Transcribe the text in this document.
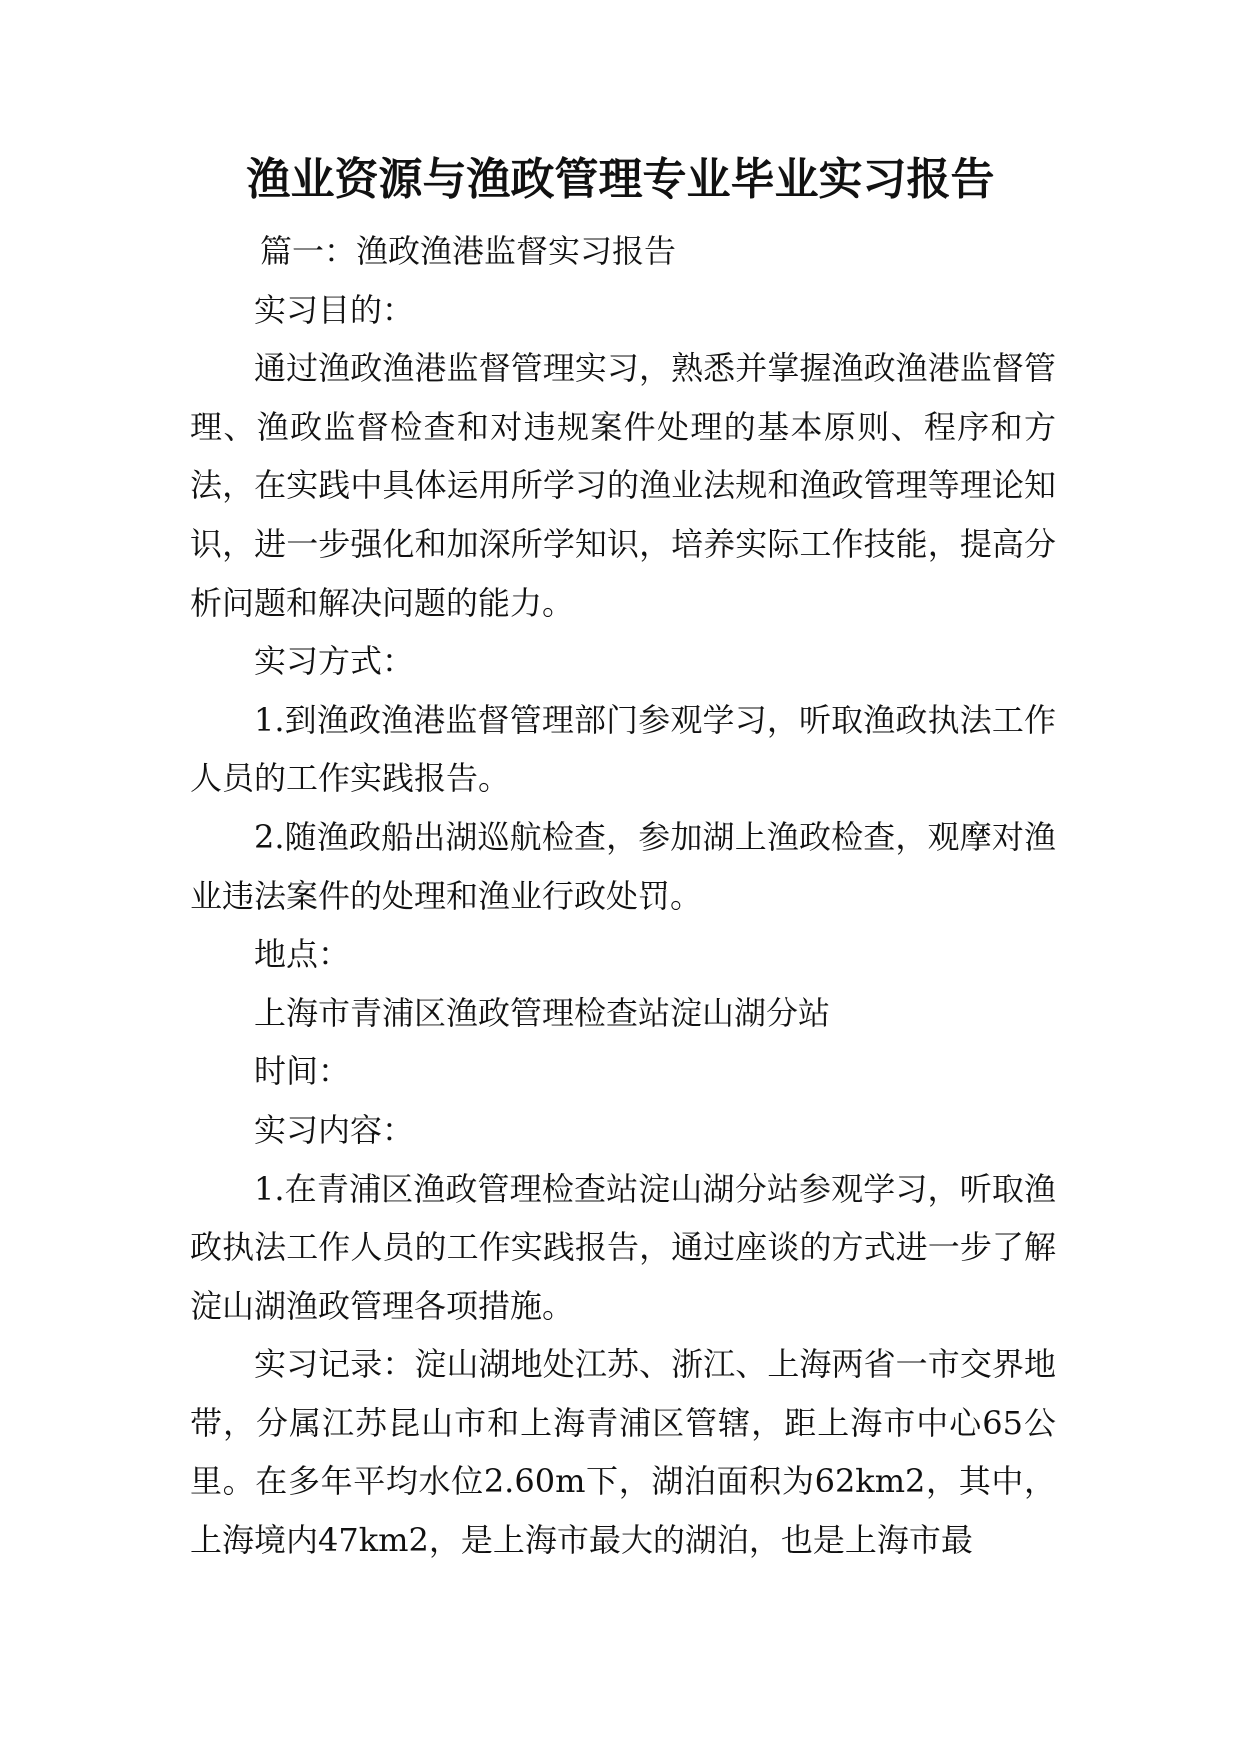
渔业资源与渔政管理专业毕业实习报告

篇一：渔政渔港监督实习报告

实习目的：

通过渔政渔港监督管理实习，熟悉并掌握渔政渔港监督管理、渔政监督检查和对违规案件处理的基本原则、程序和方法，在实践中具体运用所学习的渔业法规和渔政管理等理论知识，进一步强化和加深所学知识，培养实际工作技能，提高分析问题和解决问题的能力。

实习方式：

1.到渔政渔港监督管理部门参观学习，听取渔政执法工作人员的工作实践报告。

2.随渔政船出湖巡航检查，参加湖上渔政检查，观摩对渔业违法案件的处理和渔业行政处罚。

地点：

上海市青浦区渔政管理检查站淀山湖分站

时间：

实习内容：

1.在青浦区渔政管理检查站淀山湖分站参观学习，听取渔政执法工作人员的工作实践报告，通过座谈的方式进一步了解淀山湖渔政管理各项措施。

实习记录：淀山湖地处江苏、浙江、上海两省一市交界地带，分属江苏昆山市和上海青浦区管辖，距上海市中心65公里。在多年平均水位2.60m下，湖泊面积为62km2，其中，上海境内47km2，是上海市最大的湖泊，也是上海市最
